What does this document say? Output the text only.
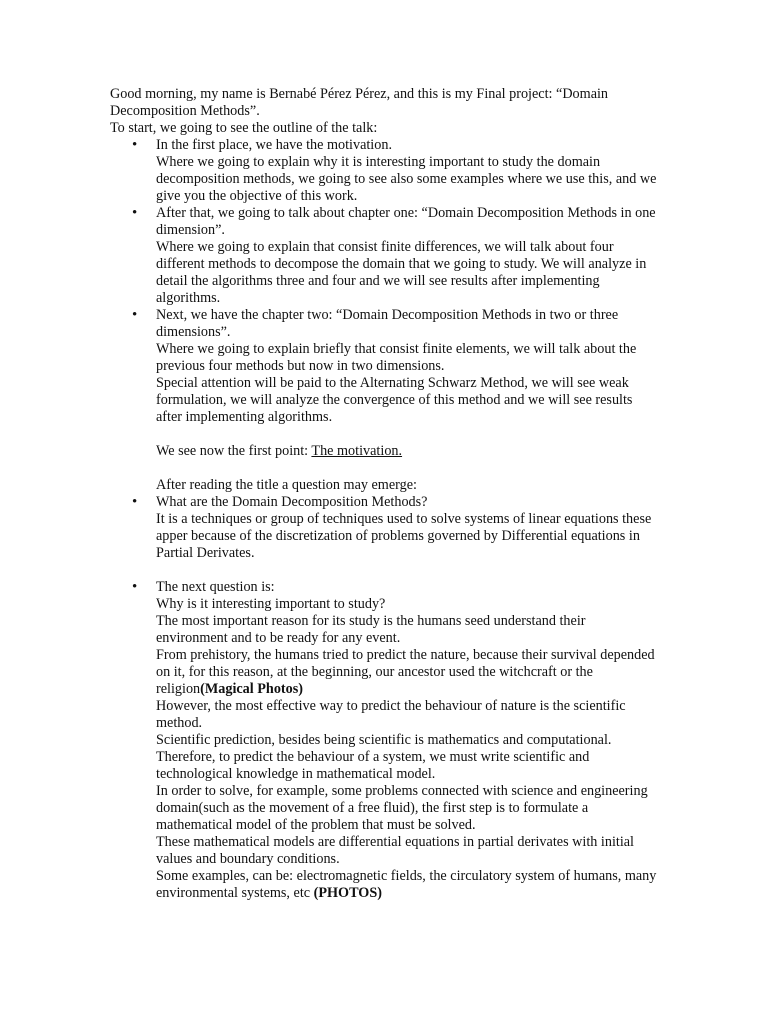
Good morning, my name is Bernabé Pérez Pérez, and this is my Final project: “Domain Decomposition Methods”.

To start, we going to see the outline of the talk:

• In the first place, we have the motivation.
Where we going to explain why it is interesting important to study the domain decomposition methods, we going to see also some examples where we use this, and we give you the objective of this work.
• After that, we going to talk about chapter one: “Domain Decomposition Methods in one dimension”.
Where we going to explain that consist finite differences, we will talk about four different methods to decompose the domain that we going to study. We will analyze in detail the algorithms three and four and we will see results after implementing algorithms.
• Next, we have the chapter two: “Domain Decomposition Methods in two or three dimensions”.
Where we going to explain briefly that consist finite elements, we will talk about the previous four methods but now in two dimensions.
Special attention will be paid to the Alternating Schwarz Method, we will see weak formulation, we will analyze the convergence of this method and we will see results after implementing algorithms.
We see now the first point: The motivation.
After reading the title a question may emerge:
• What are the Domain Decomposition Methods?
It is a techniques or group of techniques used to solve systems of linear equations these apper because of the discretization of problems governed by Differential equations in Partial Derivates.
• The next question is:
Why is it interesting important to study?
The most important reason for its study is the humans seed understand their environment and to be ready for any event.
From prehistory, the humans tried to predict the nature, because their survival depended on it, for this reason, at the beginning, our ancestor used the witchcraft or the religion(Magical Photos)
However, the most effective way to predict the behaviour of nature is the scientific method.
Scientific prediction, besides being scientific is mathematics and computational. Therefore, to predict the behaviour of a system, we must write scientific and technological knowledge in mathematical model.
In order to solve, for example, some problems connected with science and engineering domain(such as the movement of a free fluid), the first step is to formulate a mathematical model of the problem that must be solved.
These mathematical models are differential equations in partial derivates with initial values and boundary conditions.
Some examples, can be: electromagnetic fields, the circulatory system of humans, many environmental systems, etc (PHOTOS)
